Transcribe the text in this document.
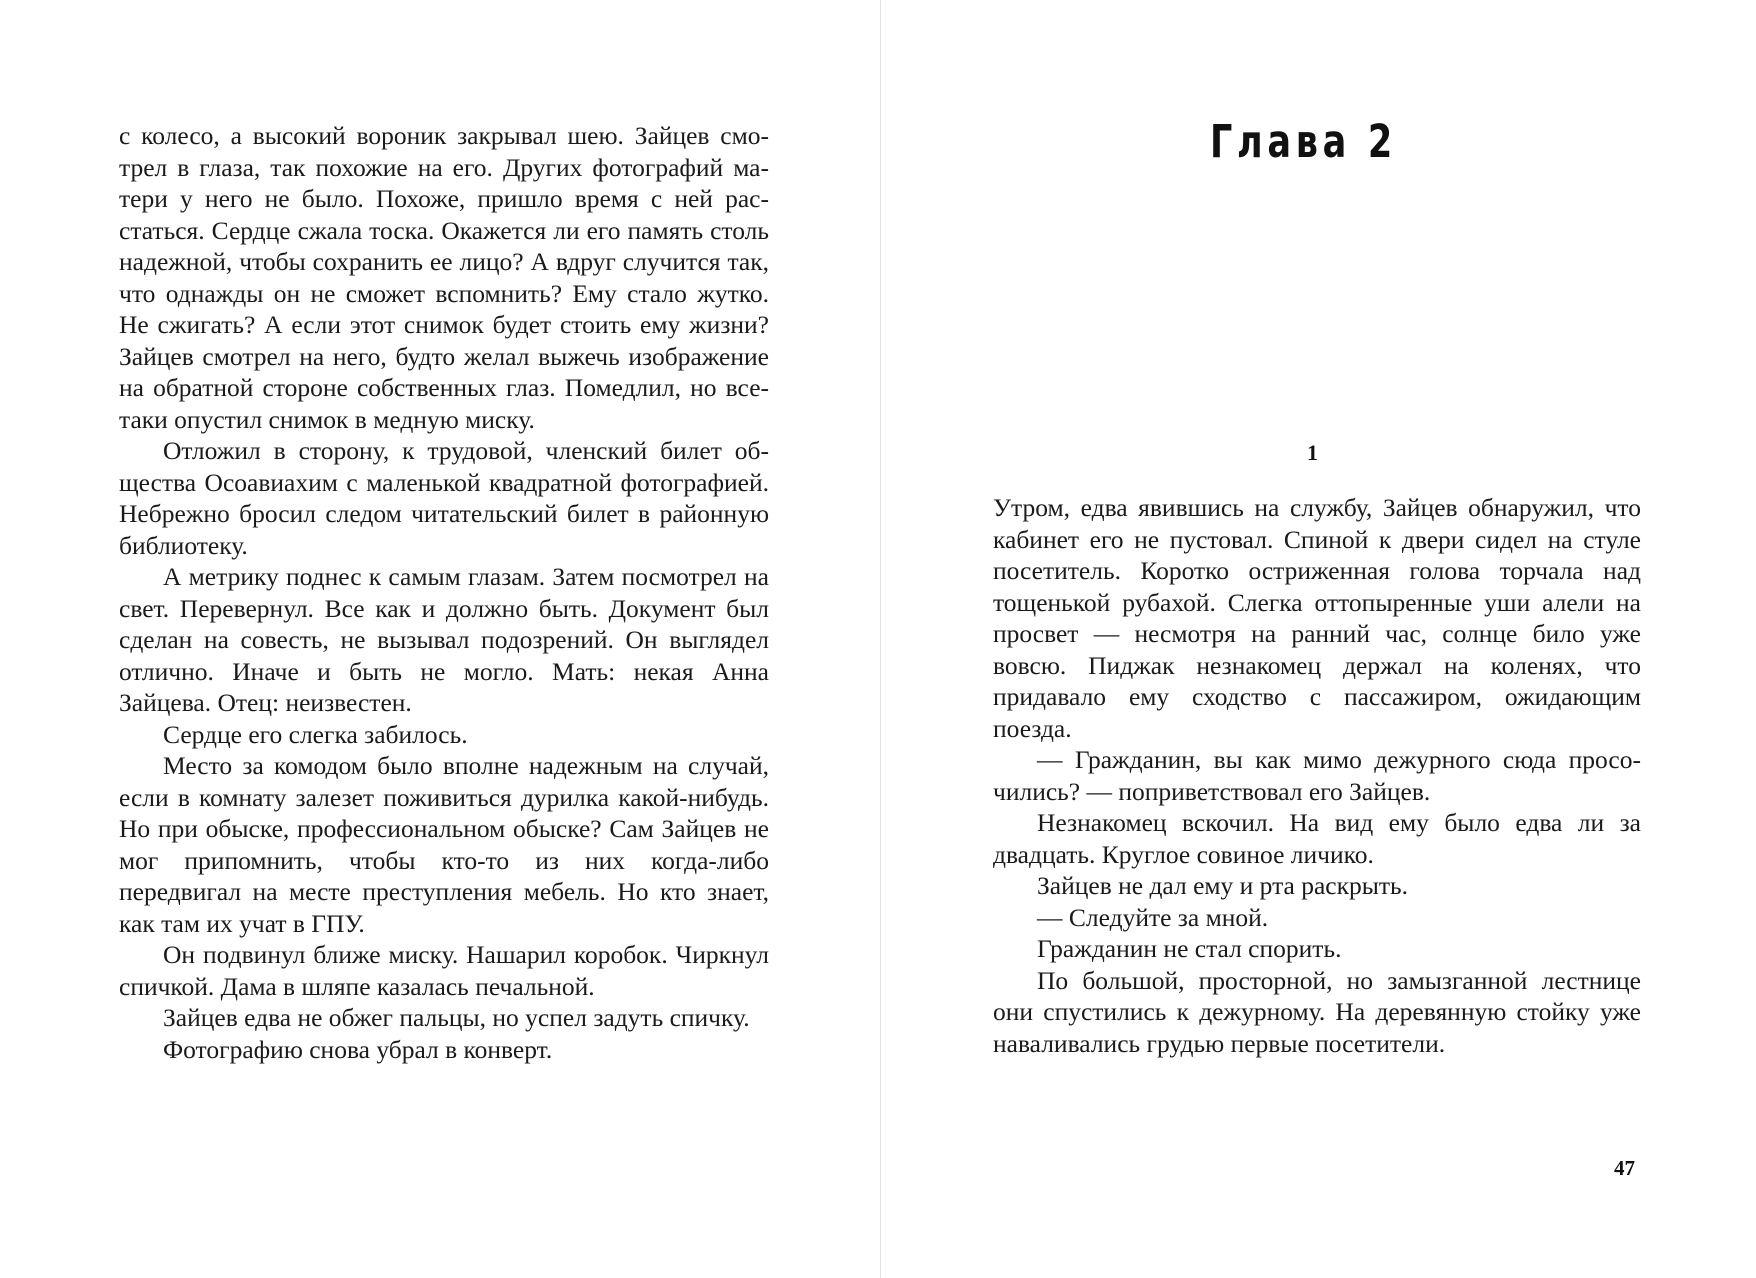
с колесо, а высокий вороник закрывал шею. Зайцев смотрел в глаза, так похожие на его. Других фотографий матери у него не было. Похоже, пришло время с ней расстаться. Сердце сжала тоска. Окажется ли его память столь надежной, чтобы сохранить ее лицо? А вдруг случится так, что однажды он не сможет вспомнить? Ему стало жутко. Не сжигать? А если этот снимок будет стоить ему жизни? Зайцев смотрел на него, будто желал выжечь изображение на обратной стороне собственных глаз. Помедлил, но все-таки опустил снимок в медную миску.

Отложил в сторону, к трудовой, членский билет общества Осоавиахим с маленькой квадратной фотографией. Небрежно бросил следом читательский билет в районную библиотеку.

А метрику поднес к самым глазам. Затем посмотрел на свет. Перевернул. Все как и должно быть. Документ был сделан на совесть, не вызывал подозрений. Он выглядел отлично. Иначе и быть не могло. Мать: некая Анна Зайцева. Отец: неизвестен.

Сердце его слегка забилось.

Место за комодом было вполне надежным на случай, если в комнату залезет поживиться дурилка какой-нибудь. Но при обыске, профессиональном обыске? Сам Зайцев не мог припомнить, чтобы кто-то из них когда-либо передвигал на месте преступления мебель. Но кто знает, как там их учат в ГПУ.

Он подвинул ближе миску. Нашарил коробок. Чиркнул спичкой. Дама в шляпе казалась печальной.

Зайцев едва не обжег пальцы, но успел задуть спичку.

Фотографию снова убрал в конверт.

Глава 2
1

Утром, едва явившись на службу, Зайцев обнаружил, что кабинет его не пустовал. Спиной к двери сидел на стуле посетитель. Коротко остриженная голова торчала над тощенькой рубахой. Слегка оттопыренные уши алели на просвет — несмотря на ранний час, солнце било уже вовсю. Пиджак незнакомец держал на коленях, что придавало ему сходство с пассажиром, ожидающим поезда.

— Гражданин, вы как мимо дежурного сюда просочились? — поприветствовал его Зайцев.

Незнакомец вскочил. На вид ему было едва ли за двадцать. Круглое совиное личико.

Зайцев не дал ему и рта раскрыть.

— Следуйте за мной.

Гражданин не стал спорить.

По большой, просторной, но замызганной лестнице они спустились к дежурному. На деревянную стойку уже наваливались грудью первые посетители.

47
